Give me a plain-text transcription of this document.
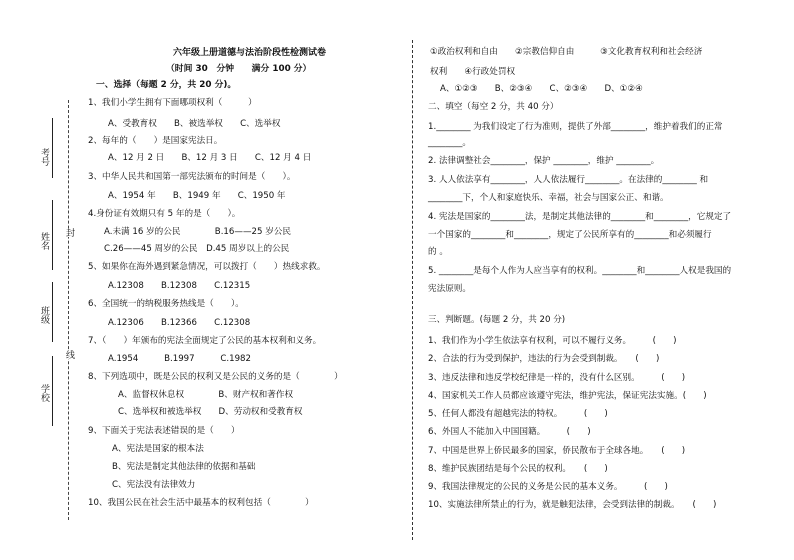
考号
姓名
班级
学校
封
线
六年级上册道德与法治阶段性检测试卷
（时间 30　分钟　　满分 100 分）
一、选择（每题 2 分，共 20 分)。
1、我们小学生拥有下面哪项权利（　　　）
A、受教育权　　B、被选举权　　C、选举权
2、每年的（　　）是国家宪法日。
A、12 月 2 日　　B、12 月 3 日　　C、12 月 4 日
3、中华人民共和国第一部宪法颁布的时间是（　　）。
A、1954 年　　B、1949 年　　C、1950 年
4.身份证有效期只有 5 年的是（　　）。
A.未满 16 岁的公民　　　　B.16——25 岁公民
C.26——45 周岁的公民　D.45 周岁以上的公民
5、如果你在海外遇到紧急情况，可以拨打（　　）热线求救。
A.12308　　B.12308　　C.12315
6、全国统一的纳税服务热线是（　　）。
A.12306　　B.12366　　C.12308
7、（　　）年颁布的宪法全面规定了公民的基本权利和义务。
A.1954　　　B.1997　　　C.1982
8、下列选项中，既是公民的权利又是公民的义务的是（　　　　）
A、监督权休息权　　　　B、财产权和著作权
C、选举权和被选举权　　D、劳动权和受教育权
9、下面关于宪法表述错误的是（　　）
A、宪法是国家的根本法
B、宪法是制定其他法律的依据和基础
C、宪法没有法律效力
10、我国公民在社会生活中最基本的权利包括（　　　　）
①政治权利和自由　　②宗教信仰自由　　　③文化教育权利和社会经济
权利　　④行政处罚权
A、①②③　　B、②③④　　C、②③④　　D、①②④
二、填空（每空 2 分，共 40 分）
1.________ 为我们设定了行为准则，提供了外部________，维护着我们的正常
________。
2. 法律调整社会________，保护 ________，维护 ________。
3. 人人依法享有________，人人依法履行________。在法律的________ 和
________下，个人和家庭快乐、幸福，社会与国家公正、和谐。
4. 宪法是国家的________法，是制定其他法律的________和________，它规定了
一个国家的________和________，规定了公民所享有的________和必须履行
的 。
5. ________是每个人作为人应当享有的权利。________和________人权是我国的
宪法原则。
三、判断题。(每题 2 分，共 20 分)
1、我们作为小学生依法享有权利，可以不履行义务。　　　(　　)
2、合法的行为受到保护，违法的行为会受到制裁。　　(　　)
3、违反法律和违反学校纪律是一样的，没有什么区别。　　　(　　)
4、国家机关工作人员都应该遵守宪法，维护宪法，保证宪法实施。(　　)
5、任何人都没有超越宪法的特权。　　　(　　)
6、外国人不能加入中国国籍。　　　(　　)
7、中国是世界上侨民最多的国家，侨民散布于全球各地。　　(　　)
8、维护民族团结是每个公民的权利。　　(　　)
9、我国法律规定的公民的义务是公民的基本义务。　　　(　　)
10、实施法律所禁止的行为，就是触犯法律，会受到法律的制裁。　　(　　)
